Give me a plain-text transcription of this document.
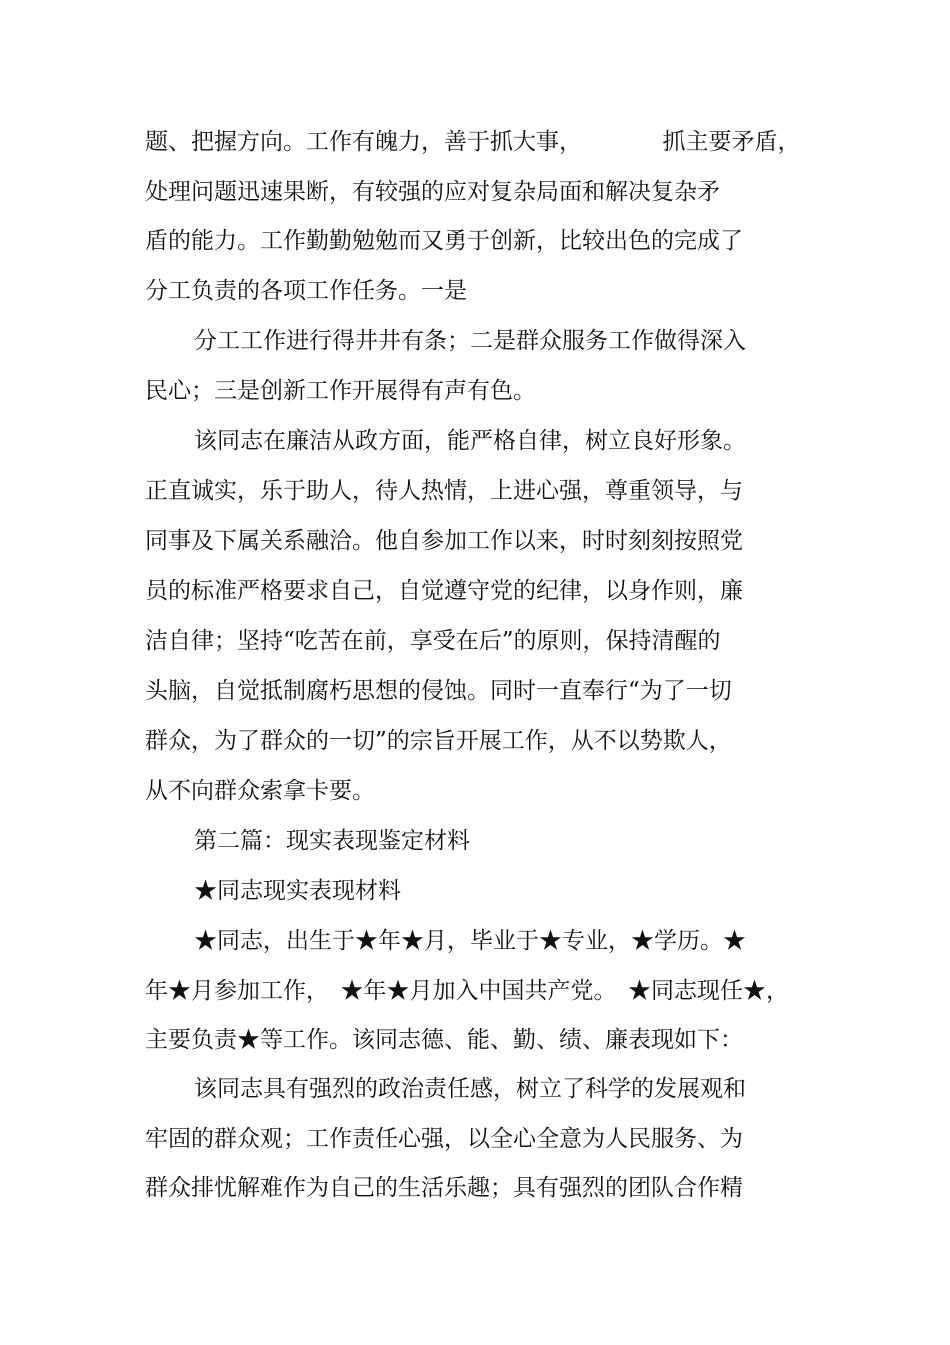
题、把握方向。工作有魄力，善于抓大事，　　　　抓主要矛盾，
处理问题迅速果断，有较强的应对复杂局面和解决复杂矛
盾的能力。工作勤勤勉勉而又勇于创新，比较出色的完成了
分工负责的各项工作任务。一是
分工工作进行得井井有条；二是群众服务工作做得深入
民心；三是创新工作开展得有声有色。
该同志在廉洁从政方面，能严格自律，树立良好形象。
正直诚实，乐于助人，待人热情，上进心强，尊重领导，与
同事及下属关系融洽。他自参加工作以来，时时刻刻按照党
员的标准严格要求自己，自觉遵守党的纪律，以身作则，廉
洁自律；坚持“吃苦在前，享受在后”的原则，保持清醒的
头脑，自觉抵制腐朽思想的侵蚀。同时一直奉行“为了一切
群众，为了群众的一切”的宗旨开展工作，从不以势欺人，
从不向群众索拿卡要。
第二篇：现实表现鉴定材料
★同志现实表现材料
★同志，出生于★年★月，毕业于★专业，★学历。★
年★月参加工作，　★年★月加入中国共产党。　★同志现任★，
主要负责★等工作。该同志德、能、勤、绩、廉表现如下：
该同志具有强烈的政治责任感，树立了科学的发展观和
牢固的群众观；工作责任心强，以全心全意为人民服务、为
群众排忧解难作为自己的生活乐趣；具有强烈的团队合作精
